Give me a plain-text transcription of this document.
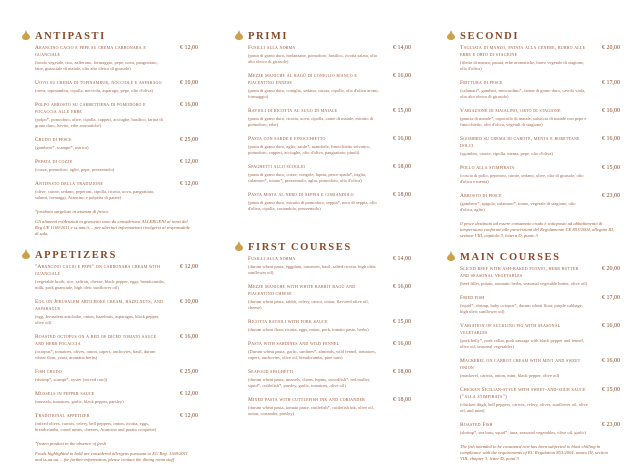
ANTIPASTI
Arancino cacio e pepe su crema carbonara e guanciale
€ 12,00
(brodo vegetale, riso, zafferano, formaggio, pepe, uova, pangrattato, latte, guanciale di maiale, olio alto oleico di girasole)
Uovo su crema di topinambur, nocciole e asparago	€ 10,00
(uova, topinambur, cipolla, nocciola, asparago, pepe, olio d'oliva)
Polpo arrosto su carrettiera di pomodoro e focaccia alle erbe
€ 16,00
(polpo*, pomodoro, olive, cipolla, capperi, acciughe, basilico, farina di grano duro, lievito, erbe aromatiche)
Crudo di pesce	€ 25,00
(gambero*, scampo*, ostrica)
Pepata di cozze	€ 12,00
(cozze, pomodoro, aglio, pepe, prezzemolo)
Antipasto della tradizione	€ 12,00
(olive, carote, sedano, peperoni, cipolla, ricotta, uova, pangrattato, salumi, formaggi, Arancino e polpetta di patate)
*prodotto surgelato in assenza di fresco
Gli alimenti evidenziati in grassetto sono da considerarsi ALLERGENI ai sensi del Reg UE 1169/2011 e ss.mm.ii. – per ulteriori informazioni rivolgersi al responsabile di sala.
APPETIZERS
"Arancino cacio e pepe" on carbonara cream with guanciale
€ 12,00
(vegetable broth, rice, saffron, cheese, black pepper, eggs, breadcrumbs, milk, pork guanciale, high oleic sunflower oil)
Egg on Jerusalem artichoke cream, hazelnuts, and asparagus
€ 10,00
(egg, Jerusalem artichoke, onion, hazelnuts, asparagus, black pepper, olive oil)
Roasted octopus on a bed of diced tomato sauce and herb focaccia
€ 16,00
(octopus*, tomatoes, olives, onion, capers, anchovies, basil, durum wheat flour, yeast, aromatic herbs)
Fish crudo	€ 25,00
(shrimp*, scampi*, oyster (served raw))
Mussels in pepper sauce	€ 12,00
(mussels, tomatoes, garlic, black pepper, parsley)
Traditional appetizer	€ 12,00
(mixed olives, carrots, celery, bell peppers, onion, ricotta, eggs, breadcrumbs, cured meats, cheeses, Arancino and potato croquette)
*frozen product in the absence of fresh
Foods highlighted in bold are considered allergens pursuant to EU Reg. 1169/2011 and ss.aa.aa. – for further information, please contact the dining room staff
PRIMI
Fusilli alla norma	€ 14,00
(pasta di grano duro, melanzane, pomodoro, basilico, ricotta salata, olio alto oleico di girasole)
Mezze maniche al ragù di coniglio bianco e piacentino ennese
€ 16,00
(pasta di grano duro, coniglio, sedano, carota, cipolla, olio d'oliva aromi, formaggio)
Ravioli di ricotta al sugo di maiale	€ 15,00
(pasta di grano duro, ricotta, uova, cipolla, carne di maiale, estratto di pomodoro, erbe)
Pasta con sarde e finocchietto	€ 16,00
(pasta di grano duro, aglio, sarde*, mandorle, finocchietto selvatico, pomodoro, capperi, acciughe, olio d'oliva, pangrattato, pinoli)
Spaghetti allo scoglio	€ 18,00
(pasta di grano duro, cozze, vongole, lupini, pesce spada*, triglia, calamaro*, totano*, prezzemolo, aglio, pomodoro, olio d'oliva)
Pasta mista al nero di seppia e coriandolo	€ 18,00
(pasta di grano duro, estratto di pomodoro, seppia*, nero di seppia, olio d'oliva, cipolla, coriandolo, prezzemolo)
FIRST COURSES
Fusilli alla norma	€ 14,00
(durum wheat pasta, eggplant, tomatoes, basil, salted ricotta, high oleic sunflower oil)
Mezze maniche with white rabbit ragù and piacentino cheese
€ 16,00
(durum wheat pasta, rabbit, celery, carrot, onion, flavored olive oil, cheese)
Ricotta ravioli with pork sauce	€ 15,00
(durum wheat flour, ricotta, eggs, onion, pork, tomato paste, herbs)
Pasta with sardines and wild fennel	€ 16,00
(Durum wheat pasta, garlic, sardines*, almonds, wild fennel, tomatoes, capers, anchovies, olive oil, breadcrumbs, pine nuts)
Seafood spaghetti	€ 18,00
(durum wheat pasta, mussels, clams, lupins, swordfish*, red mullet, squid*, cuttlefish*, parsley, garlic, tomatoes, olive oil)
Mixed pasta with cuttlefish ink and coriander	€ 18,00
(durum wheat pasta, tomato paste, cuttlefish*, cuttlefish ink, olive oil, onion, coriander, parsley)
SECONDI
Tagliata di manzo, patata alla cenere, burro alle erbe e orto di stagione
€ 20,00
(filetto di manzo, patata, erbe aromatiche, burro vegetale di stagione, olio d'oliva)
Frittura di pesce	€ 17,00
(calamari*, gamberi, moscardino*, farina di grano duro, cavolo viola, olio alto oleico di girasole)
Variazione di maialino, orto di stagione	€ 16,00
(pancia di maiale*, capocollo di maiale, salsiccia di maiale con pepe e finocchietto, olio d'oliva, vegetali di stagione)
Sgombro su crema di carote, menta e borettane dolci
€ 16,00
(sgombro, carote, cipolla, menta, pepe, olio d'oliva)
Pollo alla stimpirata	€ 15,00
(coscia di pollo, peperoni, carote, sedano, olive, olio di girasole, olio d'oliva e menta)
Arrosto di pesce	€ 23,00
(gambero*, spigola, calamaro*, tonno, vegetale di stagione, olio d'oliva, aglio)
Il pesce destinato ad essere consumato crudo è sottoposto ad abbattimento di temperatura conforme alle prescrizioni del Regolamento CE 853/2004, allegato III, sezione VIII, capitolo 3, lettera D, punto 3
MAIN COURSES
Sliced beef with ash-baked potato, herb butter and seasonal vegetables
€ 20,00
(beef fillet, potato, aromatic herbs, seasonal vegetable butter, olive oil)
Fried fish	€ 17,00
(squid*, shrimp, baby octopus*, durum wheat flour, purple cabbage, high oleic sunflower oil)
Variation of suckling pig with seasonal vegetables
€ 16,00
(pork belly*, pork collar, pork sausage with black pepper and fennel, olive oil, seasonal vegetables)
Mackerel on carrot cream with mint and sweet onion
€ 16,00
(mackerel, carrots, onion, mint, black pepper, olive oil)
Chicken Sicilian-style with sweet-and-sour sauce ("alla stimpirata")
€ 15,00
(chicken thigh, bell peppers, carrots, celery, olives, sunflower oil, olive oil, and mint)
Roasted Fish	€ 23,00
(shrimp*, sea bass, squid*, tuna, seasonal vegetables, olive oil, garlic)
The fish intended to be consumed raw has been subjected to blast chilling in compliance with the requirements of EC Regulation 853/2004, annex III, section VIII, chapter 3, letter D, point 3
